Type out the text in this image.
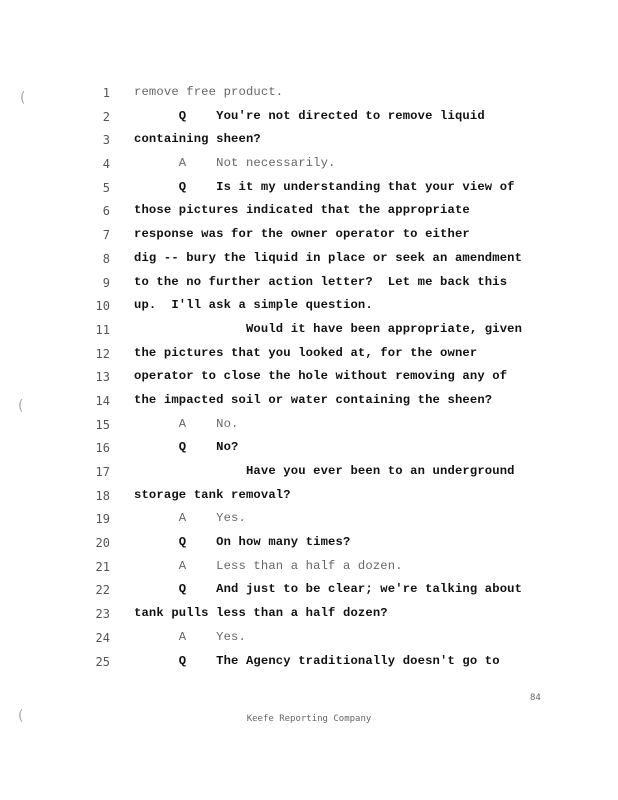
(
(
(
1 remove free product.
2 Q    You're not directed to remove liquid
3 containing sheen?
4 A    Not necessarily.
5 Q    Is it my understanding that your view of
6 those pictures indicated that the appropriate
7 response was for the owner operator to either
8 dig -- bury the liquid in place or seek an amendment
9 to the no further action letter?  Let me back this
10 up.  I'll ask a simple question.
11 Would it have been appropriate, given
12 the pictures that you looked at, for the owner
13 operator to close the hole without removing any of
14 the impacted soil or water containing the sheen?
15 A    No.
16 Q    No?
17 Have you ever been to an underground
18 storage tank removal?
19 A    Yes.
20 Q    On how many times?
21 A    Less than a half a dozen.
22 Q    And just to be clear; we're talking about
23 tank pulls less than a half dozen?
24 A    Yes.
25 Q    The Agency traditionally doesn't go to
84
Keefe Reporting Company
